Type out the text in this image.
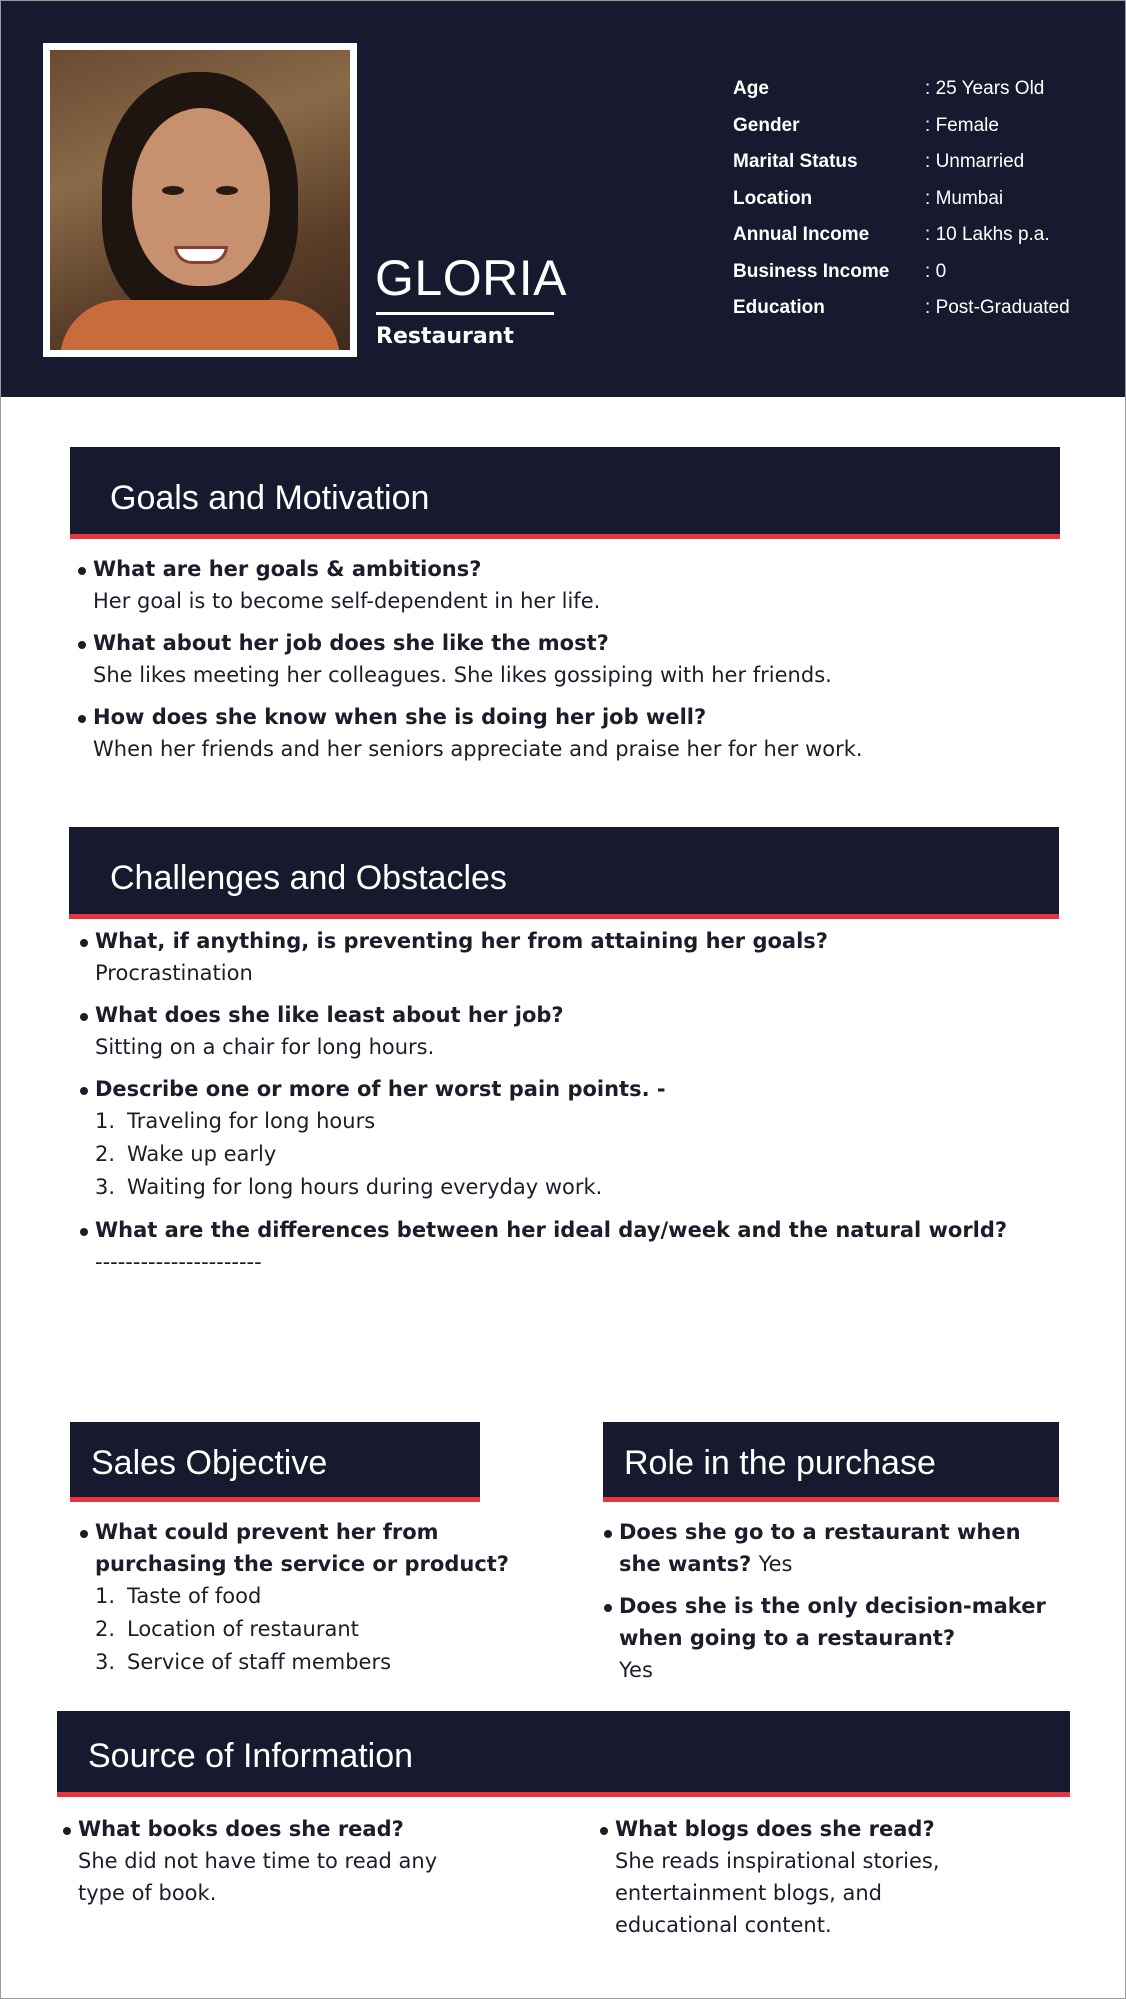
GLORIA
Restaurant
Age	: 25 Years Old
Gender	: Female
Marital Status	: Unmarried
Location	: Mumbai
Annual Income	: 10 Lakhs p.a.
Business Income	: 0
Education	: Post-Graduated
Goals and Motivation
What are her goals & ambitions?
Her goal is to become self-dependent in her life.
What about her job does she like the most?
She likes meeting her colleagues. She likes gossiping with her friends.
How does she know when she is doing her job well?
When her friends and her seniors appreciate and praise her for her work.
Challenges and Obstacles
What, if anything, is preventing her from attaining her goals?
Procrastination
What does she like least about her job?
Sitting on a chair for long hours.
Describe one or more of her worst pain points. -
1. Traveling for long hours
2. Wake up early
3. Waiting for long hours during everyday work.
What are the differences between her ideal day/week and the natural world?
----------------------
Sales Objective
What could prevent her from
purchasing the service or product?
1. Taste of food
2. Location of restaurant
3. Service of staff members
Role in the purchase
Does she go to a restaurant when
she wants? Yes
Does she is the only decision-maker
when going to a restaurant?
Yes
Source of Information
What books does she read?
She did not have time to read any
type of book.
What blogs does she read?
She reads inspirational stories,
entertainment blogs, and
educational content.
